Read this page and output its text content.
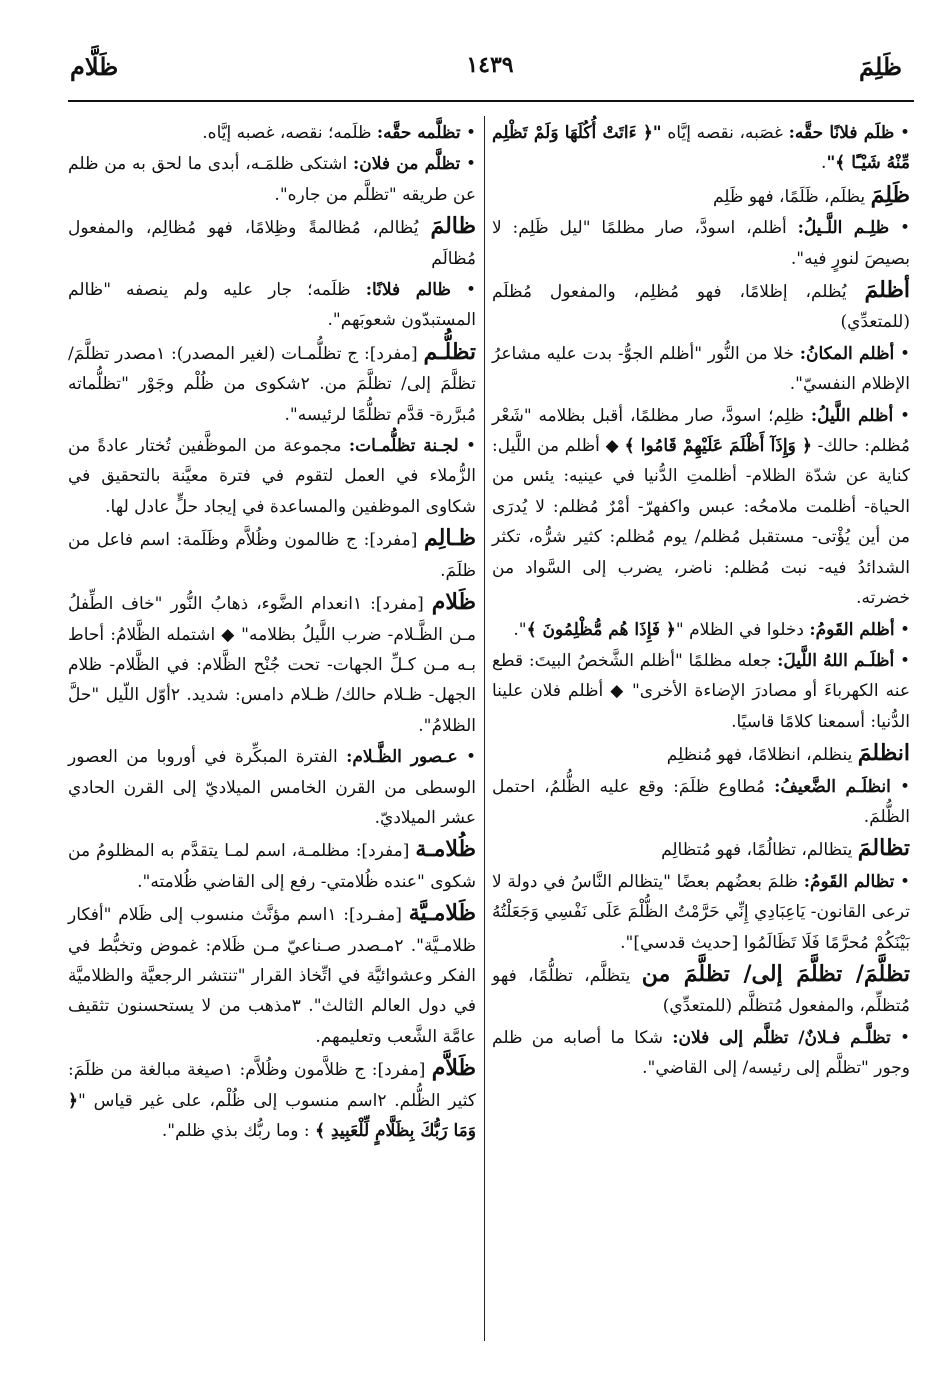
ظَلِمَ
١٤٣٩
ظَلَّام

• ظلَم فلانًا حقَّه: غصَبه، نقصه إيَّاه "﴿ ءَاتَتْ أُكُلَهَا وَلَمْ تَظْلِم مِّنْهُ شَيْـًٔا ﴾".

ظَلِمَ يظلَم، ظَلَمًا، فهو ظَلِم

• ظلِـم اللَّـيلُ: أظلم، اسودَّ، صار مظلمًا "ليل ظَلِم: لا بصيصَ لنورٍ فيه".

أظلمَ يُظلم، إظلامًا، فهو مُظلِم، والمفعول مُظلَم (للمتعدِّي)

• أظلم المكانُ: خلا من النُّور "أظلم الجوُّ- بدت عليه مشاعرُ الإظلام النفسيّ".

• أظلم اللَّيلُ: ظلِم؛ اسودَّ، صار مظلمًا، أقبل بظلامه "شَعْر مُظلم: حالك- ﴿ وَإِذَآ أَظْلَمَ عَلَيْهِمْ قَامُوا ﴾ ◆ أظلم من اللَّيل: كناية عن شدّة الظلام- أظلمتِ الدُّنيا في عينيه: يئس من الحياة- أظلمت ملامحُه: عبس واكفهرّ- أمْرٌ مُظلم: لا يُدرَى من أين يُؤْتى- مستقبل مُظلم/ يوم مُظلم: كثير شرُّه، تكثر الشدائدُ فيه- نبت مُظلم: ناضر، يضرب إلى السَّواد من خضرته.

• أظلم القَومُ: دخلوا في الظلام "﴿ فَإِذَا هُم مُّظْلِمُونَ ﴾".

• أظلَـم اللهُ اللَّيلَ: جعله مظلمًا "أظلم الشَّخصُ البيتَ: قطع عنه الكهرباءَ أو مصادرَ الإضاءة الأخرى" ◆ أظلم فلان علينا الدُّنيا: أسمعنا كلامًا قاسيًا.

انظلمَ ينظلم، انظلامًا، فهو مُنظلِم

• انظلَـم الضَّعيفُ: مُطاوع ظلَمَ: وقع عليه الظُّلمُ، احتمل الظُّلمَ.

تظالمَ يتظالم، تظالُمًا، فهو مُتظالِم

• تظالم القَومُ: ظلمَ بعضُهم بعضًا "يتظالم النَّاسُ في دولة لا ترعى القانون- يَاعِبَادِي إِنِّي حَرَّمْتُ الظُّلْمَ عَلَى نَفْسِي وَجَعَلْتُهُ بَيْنَكُمْ مُحرَّمًا فَلَا تَظَالَمُوا [حديث قدسي]".

تظلَّمَ/ تظلَّمَ إلى/ تظلَّمَ من يتظلَّم، تظلُّمًا، فهو مُتظلِّم، والمفعول مُتظلَّم (للمتعدِّي)

• تظلَّـم فـلانٌ/ تظلَّم إلى فلان: شكا ما أصابه من ظلم وجور "تظلَّم إلى رئيسه/ إلى القاضي".

• تظلَّمه حقَّه: ظلَمه؛ نقصه، غصبه إيَّاه.

• تظلَّم من فلان: اشتكى ظلمَـه، أبدى ما لحق به من ظلم عن طريقه "تظلَّم من جاره".

ظالمَ يُظالم، مُظالمةً وظِلامًا، فهو مُظالِم، والمفعول مُظالَم

• ظالم فلانًا: ظلَمه؛ جار عليه ولم ينصفه "ظالم المستبدّون شعوبَهم".

تظلُّـم [مفرد]: ج تظلُّمـات (لغير المصدر): ١مصدر تظلَّمَ/ تظلَّمَ إلى/ تظلَّمَ من. ٢شكوى من ظُلْم وجَوْر "تظلُّماته مُبرَّرة- قدَّم تظلُّمًا لرئيسه".

• لجـنة تظلُّمـات: مجموعة من الموظَّفين تُختار عادةً من الزُّملاء في العمل لتقوم في فترة معيَّنة بالتحقيق في شكاوى الموظفين والمساعدة في إيجاد حلٍّ عادل لها.

ظـالِم [مفرد]: ج ظالمون وظُلاَّم وظَلَمة: اسم فاعل من ظلَمَ.

ظَلام [مفرد]: ١انعدام الضَّوء، ذهابُ النُّور "خاف الطِّفلُ مـن الظَّـلام- ضرب اللَّيلُ بظلامه" ◆ اشتمله الظَّلامُ: أحاط بـه مـن كـلِّ الجهات- تحت جُنْح الظَّلام: في الظَّلام- ظلام الجهل- ظـلام حالك/ ظـلام دامس: شديد. ٢أوّل اللّيل "حلَّ الظلامُ".

• عـصور الظَّـلام: الفترة المبكِّرة في أوروبا من العصور الوسطى من القرن الخامس الميلاديّ إلى القرن الحادي عشر الميلاديّ.

ظُلامـة [مفرد]: مظلمـة، اسم لمـا يتقدَّم به المظلومُ من شكوى "عنده ظُلامتي- رفع إلى القاضي ظُلامته".

ظَلامـيَّة [مفـرد]: ١اسم مؤنَّث منسوب إلى ظَلام "أفكار ظلامـيَّة". ٢مـصدر صـناعيّ مـن ظَلام: غموض وتخبُّط في الفكر وعشوائيَّة في اتِّخاذ القرار "تنتشر الرجعيَّة والظلاميَّة في دول العالم الثالث". ٣مذهب من لا يستحسنون تثقيف عامَّة الشَّعب وتعليمهم.

ظَلاَّم [مفرد]: ج ظلاَّمون وظُلاَّم: ١صيغة مبالغة من ظلَمَ: كثير الظُّلم. ٢اسم منسوب إلى ظُلْم، على غير قياس "﴿ وَمَا رَبُّكَ بِظَلَّامٍ لِّلْعَبِيدِ ﴾ : وما ربُّك بذي ظلم".
